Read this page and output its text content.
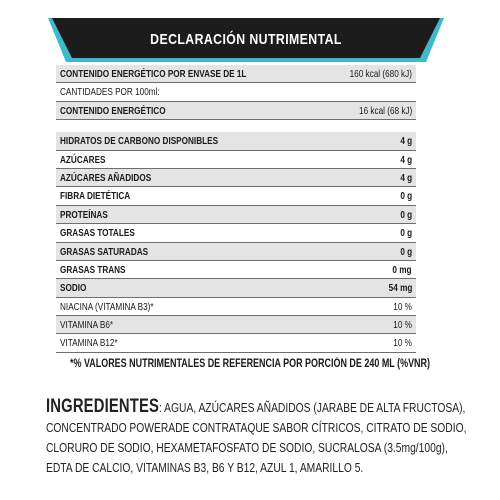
DECLARACIÓN NUTRIMENTAL
CONTENIDO ENERGÉTICO POR ENVASE DE 1L	160 kcal (680 kJ)
CANTIDADES POR 100ml:
CONTENIDO ENERGÉTICO	16 kcal (68 kJ)
HIDRATOS DE CARBONO DISPONIBLES	4 g
AZÚCARES	4 g
AZÚCARES AÑADIDOS	4 g
FIBRA DIETÉTICA	0 g
PROTEÍNAS	0 g
GRASAS TOTALES	0 g
GRASAS SATURADAS	0 g
GRASAS TRANS	0 mg
SODIO	54 mg
NIACINA (VITAMINA B3)*	10 %
VITAMINA B6*	10 %
VITAMINA B12*	10 %
*% VALORES NUTRIMENTALES DE REFERENCIA POR PORCIÓN DE 240 ML (%VNR)
INGREDIENTES: AGUA, AZÚCARES AÑADIDOS (JARABE DE ALTA FRUCTOSA),
CONCENTRADO POWERADE CONTRATAQUE SABOR CÍTRICOS, CITRATO DE SODIO,
CLORURO DE SODIO, HEXAMETAFOSFATO DE SODIO, SUCRALOSA (3.5mg/100g),
EDTA DE CALCIO, VITAMINAS B3, B6 Y B12, AZUL 1, AMARILLO 5.
